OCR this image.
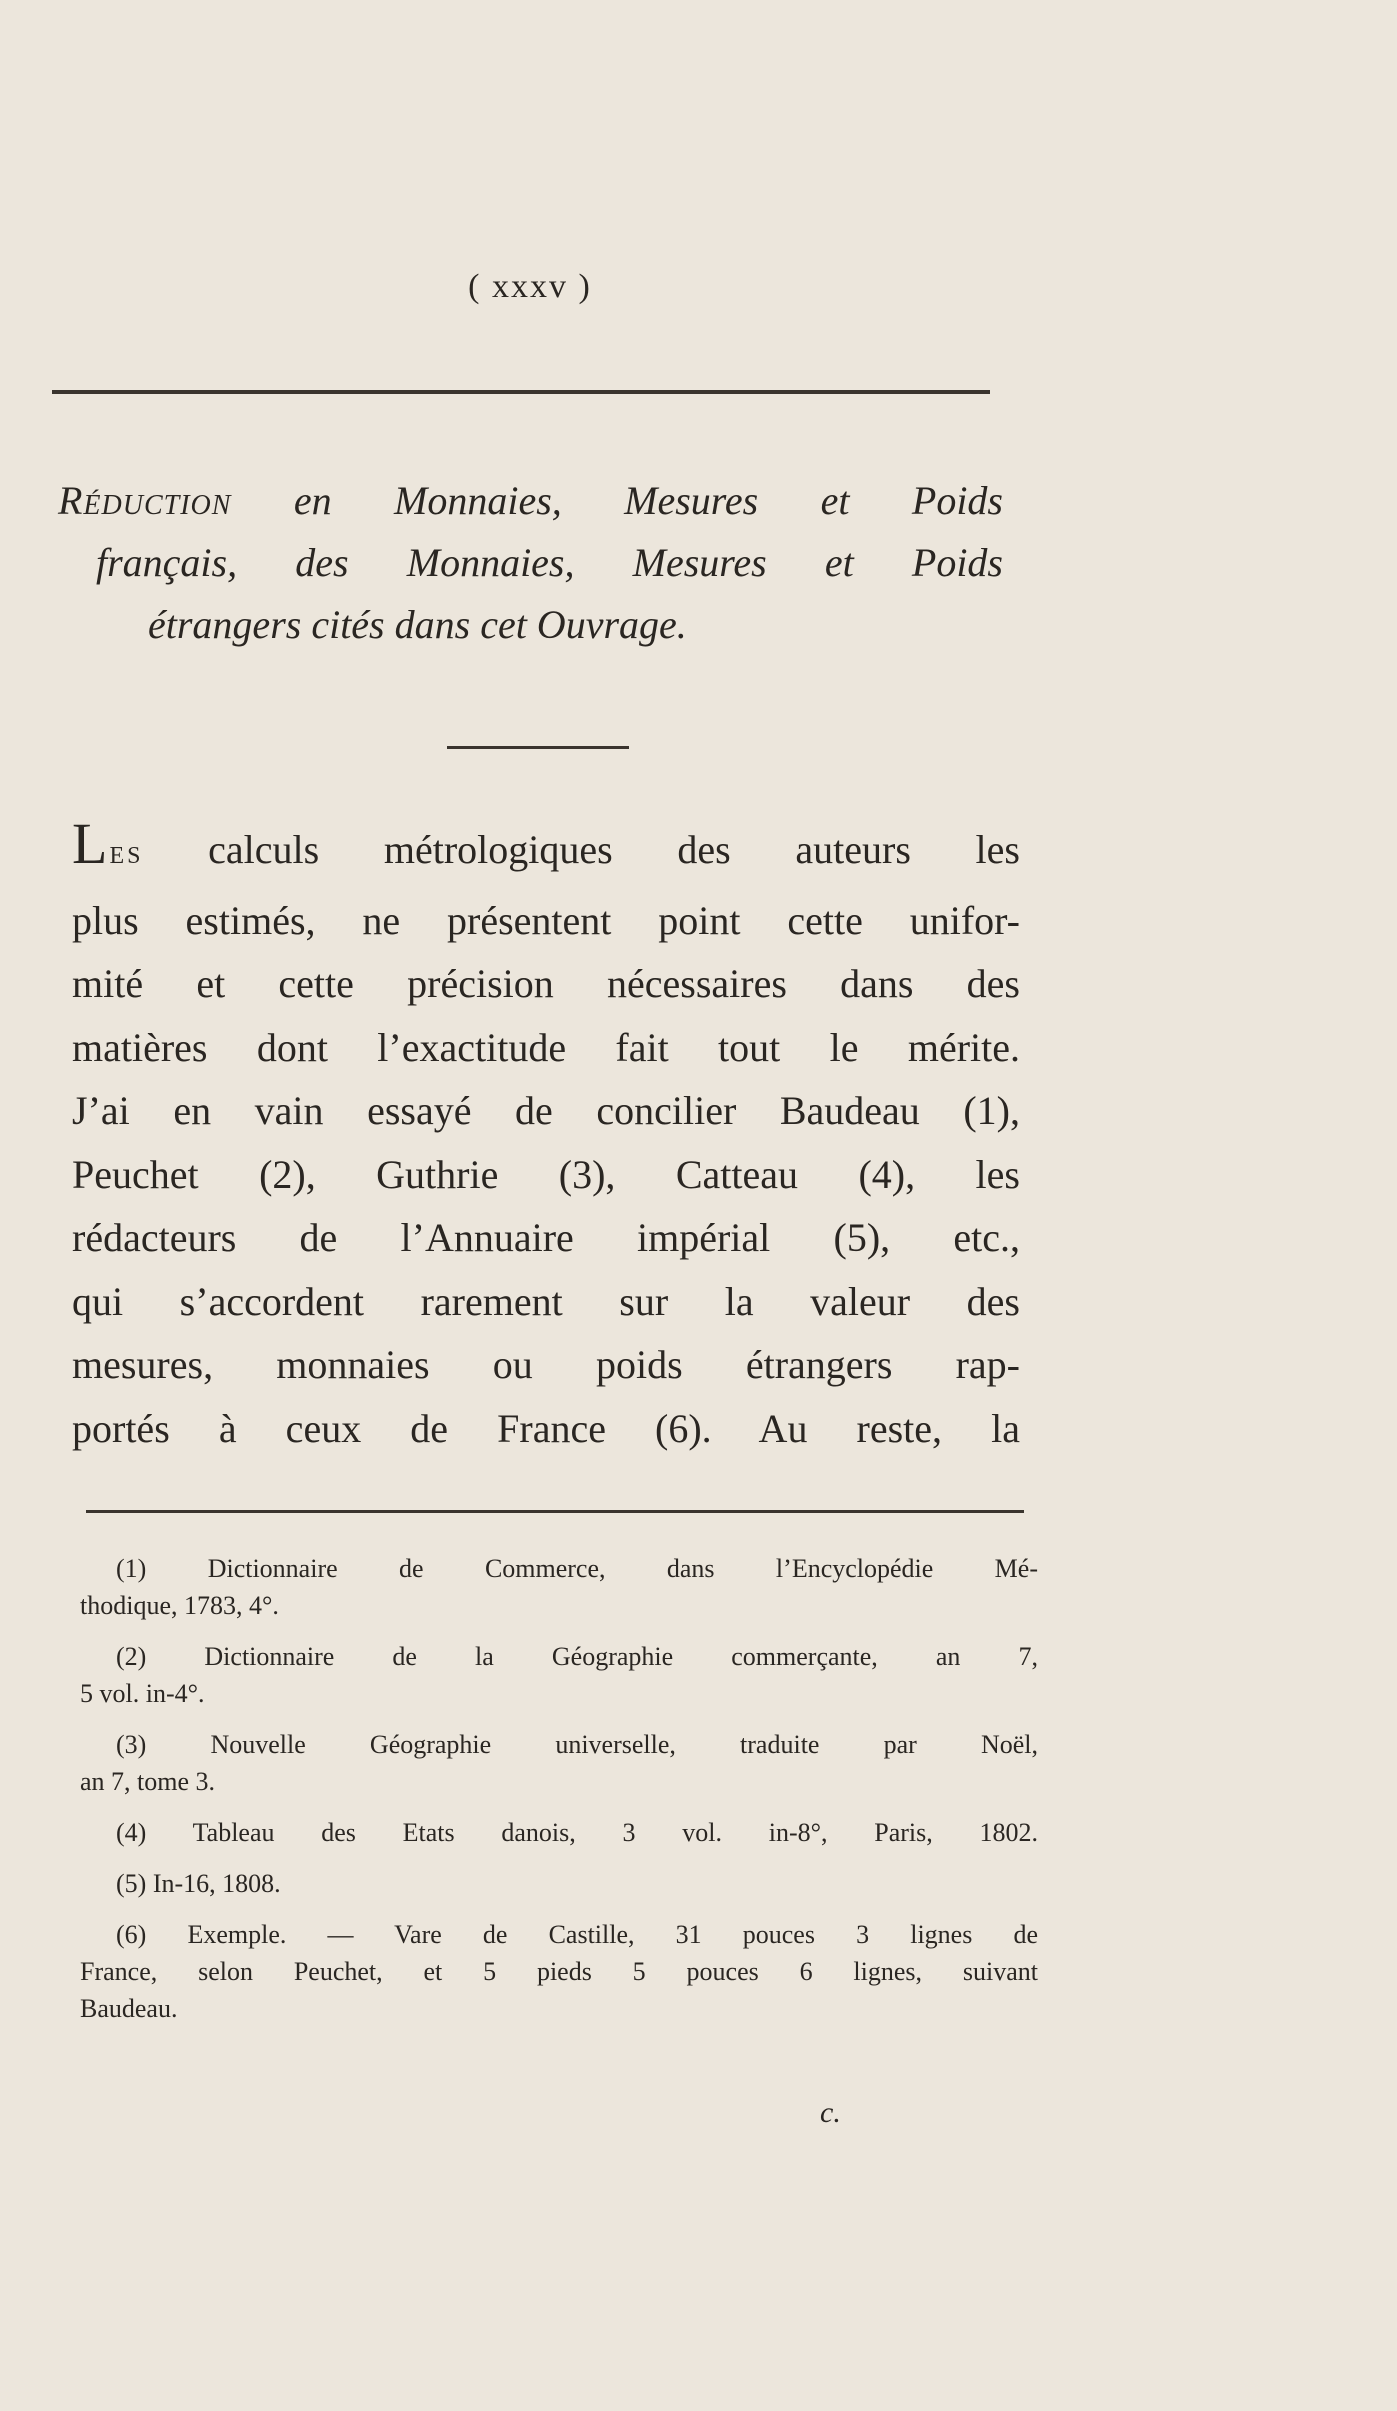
( xxxv )
Réduction en Monnaies, Mesures et Poids
français, des Monnaies, Mesures et Poids
étrangers cités dans cet Ouvrage.
LES calculs métrologiques des auteurs les
plus estimés, ne présentent point cette unifor-
mité et cette précision nécessaires dans des
matières dont l’exactitude fait tout le mérite.
J’ai en vain essayé de concilier Baudeau (1),
Peuchet (2), Guthrie (3), Catteau (4), les
rédacteurs de l’Annuaire impérial (5), etc.,
qui s’accordent rarement sur la valeur des
mesures, monnaies ou poids étrangers rap-
portés à ceux de France (6). Au reste, la
(1) Dictionnaire de Commerce, dans l’Encyclopédie Mé-
thodique, 1783, 4°.
(2) Dictionnaire de la Géographie commerçante, an 7,
5 vol. in-4°.
(3) Nouvelle Géographie universelle, traduite par Noël,
an 7, tome 3.
(4) Tableau des Etats danois, 3 vol. in-8°, Paris, 1802.
(5) In-16, 1808.
(6) Exemple. — Vare de Castille, 31 pouces 3 lignes de
France, selon Peuchet, et 5 pieds 5 pouces 6 lignes, suivant
Baudeau.
c.
